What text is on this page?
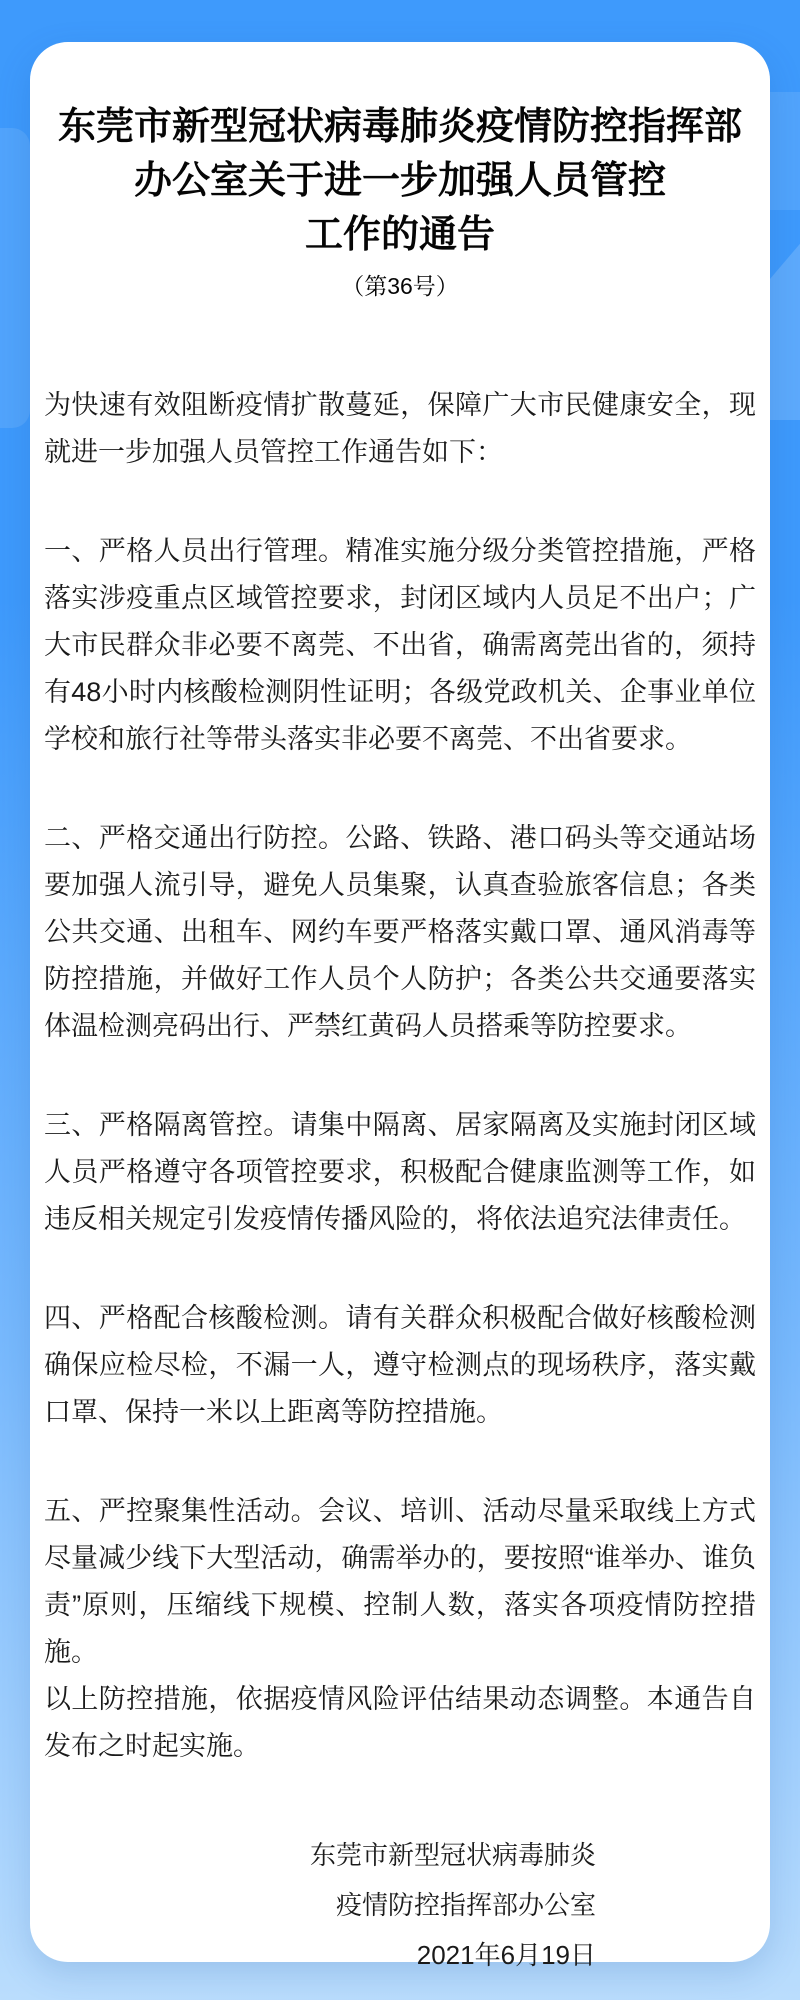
东莞市新型冠状病毒肺炎疫情防控指挥部
办公室关于进一步加强人员管控
工作的通告
（第36号）

为快速有效阻断疫情扩散蔓延，保障广大市民健康安全，现就进一步加强人员管控工作通告如下：

一、严格人员出行管理。精准实施分级分类管控措施，严格落实涉疫重点区域管控要求，封闭区域内人员足不出户；广大市民群众非必要不离莞、不出省，确需离莞出省的，须持有48小时内核酸检测阴性证明；各级党政机关、企事业单位学校和旅行社等带头落实非必要不离莞、不出省要求。

二、严格交通出行防控。公路、铁路、港口码头等交通站场要加强人流引导，避免人员集聚，认真查验旅客信息；各类公共交通、出租车、网约车要严格落实戴口罩、通风消毒等防控措施，并做好工作人员个人防护；各类公共交通要落实体温检测亮码出行、严禁红黄码人员搭乘等防控要求。

三、严格隔离管控。请集中隔离、居家隔离及实施封闭区域人员严格遵守各项管控要求，积极配合健康监测等工作，如违反相关规定引发疫情传播风险的，将依法追究法律责任。

四、严格配合核酸检测。请有关群众积极配合做好核酸检测确保应检尽检，不漏一人，遵守检测点的现场秩序，落实戴口罩、保持一米以上距离等防控措施。

五、严控聚集性活动。会议、培训、活动尽量采取线上方式尽量减少线下大型活动，确需举办的，要按照“谁举办、谁负责”原则，压缩线下规模、控制人数，落实各项疫情防控措施。

以上防控措施，依据疫情风险评估结果动态调整。本通告自发布之时起实施。

东莞市新型冠状病毒肺炎
疫情防控指挥部办公室
2021年6月19日
